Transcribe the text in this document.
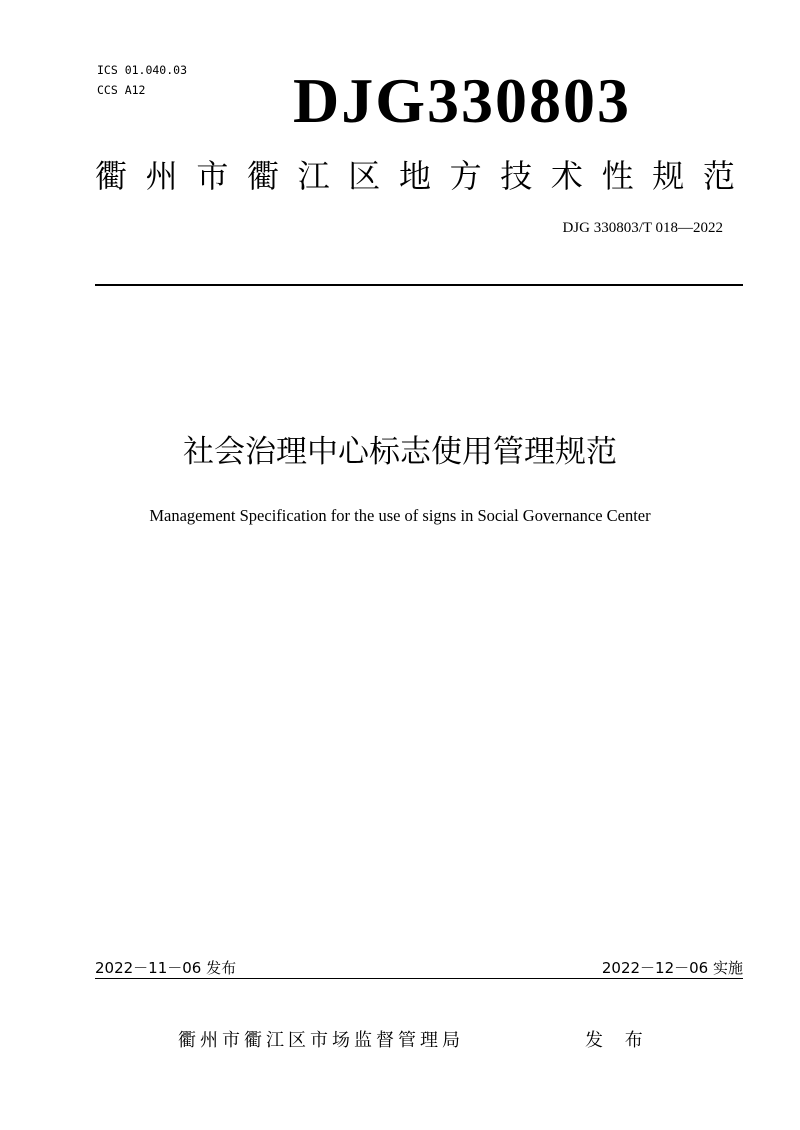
ICS 01.040.03
CCS A12 DJG330803
衢 州 市 衢 江 区 地 方 技 术 性 规 范
DJG 330803/T 018—2022
社会治理中心标志使用管理规范
Management Specification for the use of signs in Social Governance Center
2022－11－06 发布	2022－12－06 实施
衢州市衢江区市场监督管理局	发 布
